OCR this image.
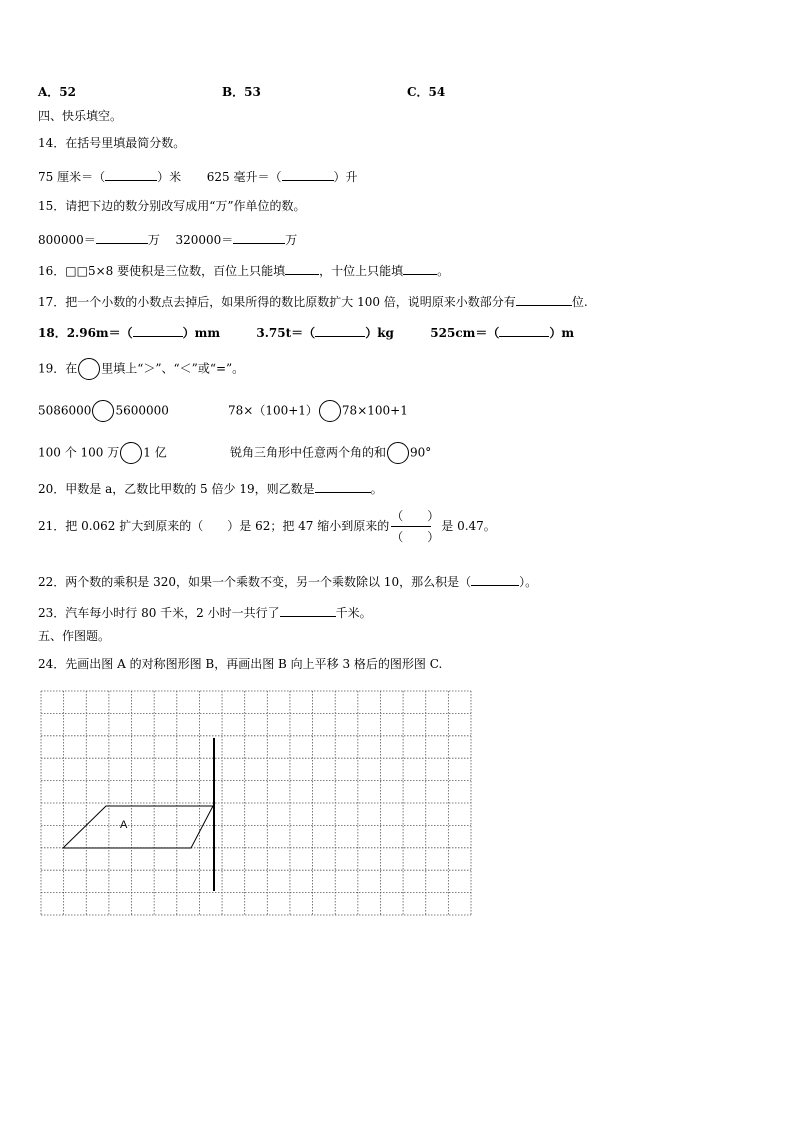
A．52	B．53	C．54
四、快乐填空。
14．在括号里填最简分数。
75 厘米＝（	）米 625 毫升＝（	）升
15．请把下边的数分别改写成用“万”作单位的数。
800000＝	万 320000＝	万
16．□□5×8 要使积是三位数，百位上只能填	，十位上只能填	。
17．把一个小数的小数点去掉后，如果所得的数比原数扩大 100 倍，说明原来小数部分有	位.
18．2.96m＝（	）mm	3.75t＝（	）kg	525cm＝（	）m
19．在 里填上“＞”、“＜”或“=”。
5086000 5600000	78×（100+1） 78×100+1
100 个 100 万 1 亿	锐角三角形中任意两个角的和 90°
20．甲数是 a，乙数比甲数的 5 倍少 19，则乙数是	。
21．把 0.062 扩大到原来的（　　）是 62；把 47 缩小到原来的 $\frac{( )}{( )}$ 是 0.47。
22．两个数的乘积是 320，如果一个乘数不变，另一个乘数除以 10，那么积是（	）。
23．汽车每小时行 80 千米，2 小时一共行了	千米。
五、作图题。
24．先画出图 A 的对称图形图 B，再画出图 B 向上平移 3 格后的图形图 C.
A
